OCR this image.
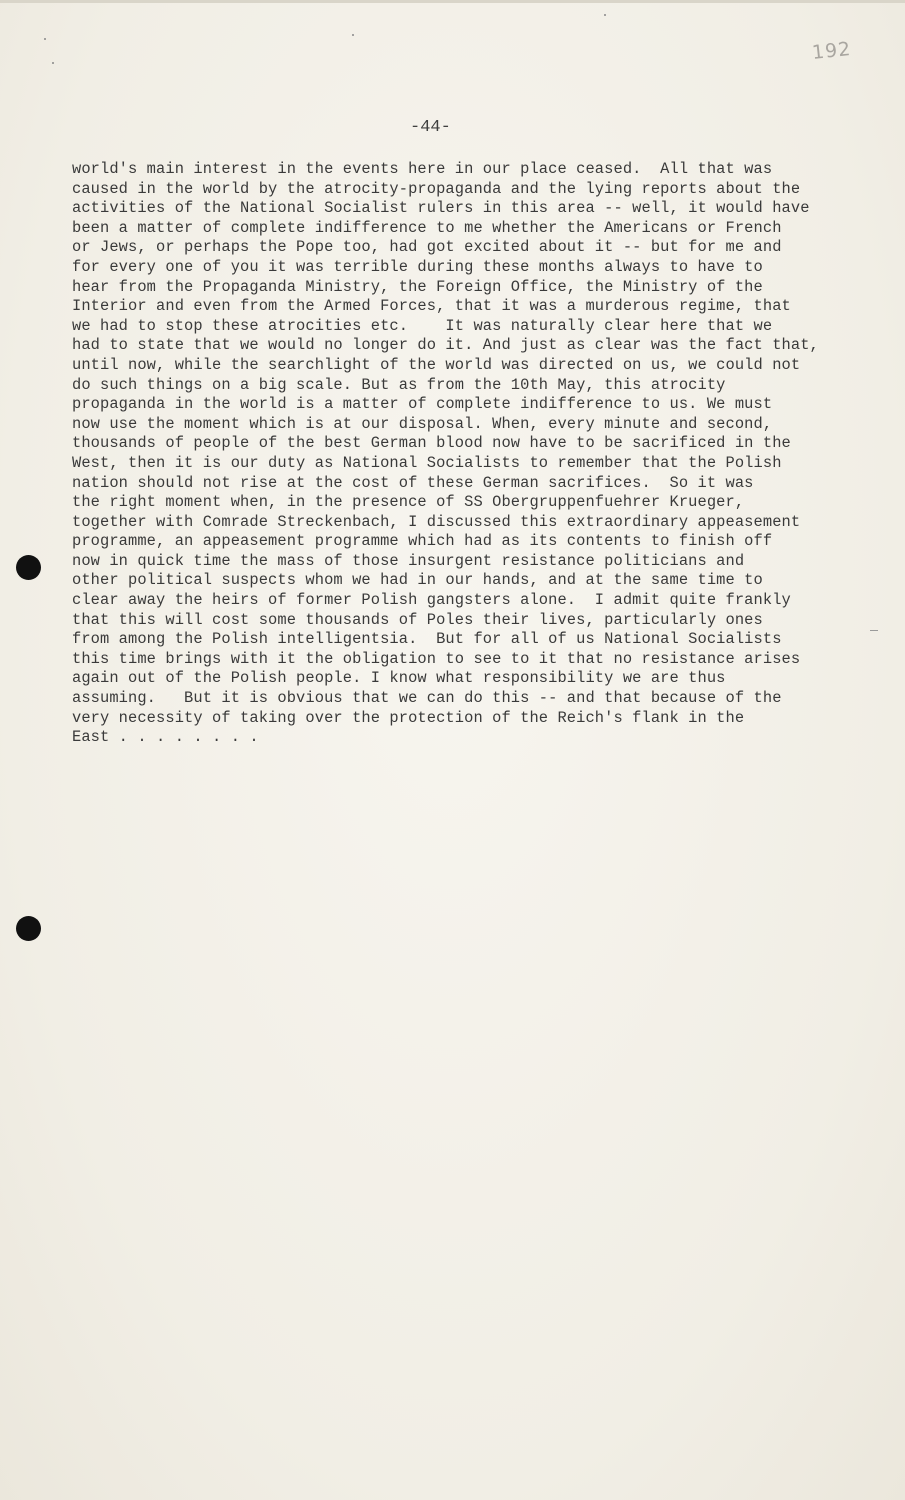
192
-44-
world's main interest in the events here in our place ceased.  All that was
caused in the world by the atrocity-propaganda and the lying reports about the
activities of the National Socialist rulers in this area -- well, it would have
been a matter of complete indifference to me whether the Americans or French
or Jews, or perhaps the Pope too, had got excited about it -- but for me and
for every one of you it was terrible during these months always to have to
hear from the Propaganda Ministry, the Foreign Office, the Ministry of the
Interior and even from the Armed Forces, that it was a murderous regime, that
we had to stop these atrocities etc.    It was naturally clear here that we
had to state that we would no longer do it. And just as clear was the fact that,
until now, while the searchlight of the world was directed on us, we could not
do such things on a big scale. But as from the 10th May, this atrocity
propaganda in the world is a matter of complete indifference to us. We must
now use the moment which is at our disposal. When, every minute and second,
thousands of people of the best German blood now have to be sacrificed in the
West, then it is our duty as National Socialists to remember that the Polish
nation should not rise at the cost of these German sacrifices.  So it was
the right moment when, in the presence of SS Obergruppenfuehrer Krueger,
together with Comrade Streckenbach, I discussed this extraordinary appeasement
programme, an appeasement programme which had as its contents to finish off
now in quick time the mass of those insurgent resistance politicians and
other political suspects whom we had in our hands, and at the same time to
clear away the heirs of former Polish gangsters alone.  I admit quite frankly
that this will cost some thousands of Poles their lives, particularly ones
from among the Polish intelligentsia.  But for all of us National Socialists
this time brings with it the obligation to see to it that no resistance arises
again out of the Polish people. I know what responsibility we are thus
assuming.   But it is obvious that we can do this -- and that because of the
very necessity of taking over the protection of the Reich's flank in the
East . . . . . . . .
